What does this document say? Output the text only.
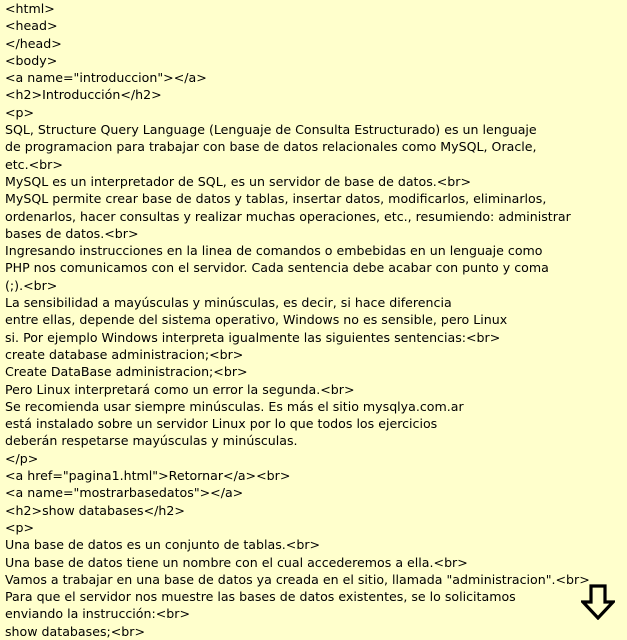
<html>
<head>
</head>
<body>
<a name="introduccion"></a>
<h2>Introducción</h2>
<p>
SQL, Structure Query Language (Lenguaje de Consulta Estructurado) es un lenguaje
de programacion para trabajar con base de datos relacionales como MySQL, Oracle,
etc.<br>
MySQL es un interpretador de SQL, es un servidor de base de datos.<br>
MySQL permite crear base de datos y tablas, insertar datos, modificarlos, eliminarlos,
ordenarlos, hacer consultas y realizar muchas operaciones, etc., resumiendo: administrar
bases de datos.<br>
Ingresando instrucciones en la linea de comandos o embebidas en un lenguaje como
PHP nos comunicamos con el servidor. Cada sentencia debe acabar con punto y coma
(;).<br>
La sensibilidad a mayúsculas y minúsculas, es decir, si hace diferencia
entre ellas, depende del sistema operativo, Windows no es sensible, pero Linux
si. Por ejemplo Windows interpreta igualmente las siguientes sentencias:<br>
create database administracion;<br>
Create DataBase administracion;<br>
Pero Linux interpretará como un error la segunda.<br>
Se recomienda usar siempre minúsculas. Es más el sitio mysqlya.com.ar
está instalado sobre un servidor Linux por lo que todos los ejercicios
deberán respetarse mayúsculas y minúsculas.
</p>
<a href="pagina1.html">Retornar</a><br>
<a name="mostrarbasedatos"></a>
<h2>show databases</h2>
<p>
Una base de datos es un conjunto de tablas.<br>
Una base de datos tiene un nombre con el cual accederemos a ella.<br>
Vamos a trabajar en una base de datos ya creada en el sitio, llamada "administracion".<br>
Para que el servidor nos muestre las bases de datos existentes, se lo solicitamos
enviando la instrucción:<br>
show databases;<br>
